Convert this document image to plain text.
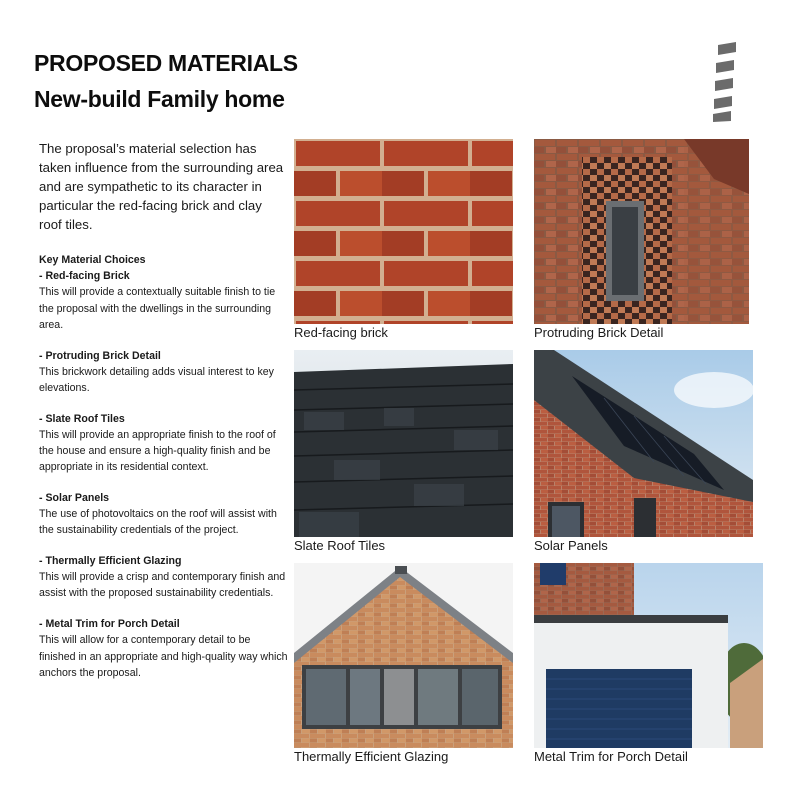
PROPOSED MATERIALS
New-build Family home
The proposal’s material selection has taken influence from the surrounding area and are sympathetic to its character in particular the red-facing brick and clay roof tiles.
Key Material Choices
- Red-facing Brick
This will provide a contextually suitable finish to tie the proposal with the dwellings in the surrounding area.
- Protruding Brick Detail
This brickwork detailing adds visual interest to key elevations.
- Slate Roof Tiles
This will provide an appropriate finish to the roof of the house and ensure a high-quality finish and be appropriate in its residential context.
- Solar Panels
The use of photovoltaics on the roof will assist with the sustainability credentials of the project.
- Thermally Efficient Glazing
This will provide a crisp and contemporary finish and assist with the proposed sustainability credentials.
- Metal Trim for Porch Detail
This will allow for a contemporary detail to be finished in an appropriate and high-quality way which anchors the proposal.
Red-facing brick	Protruding Brick Detail
Slate Roof Tiles	Solar Panels
Thermally Efficient Glazing	Metal Trim for Porch Detail
